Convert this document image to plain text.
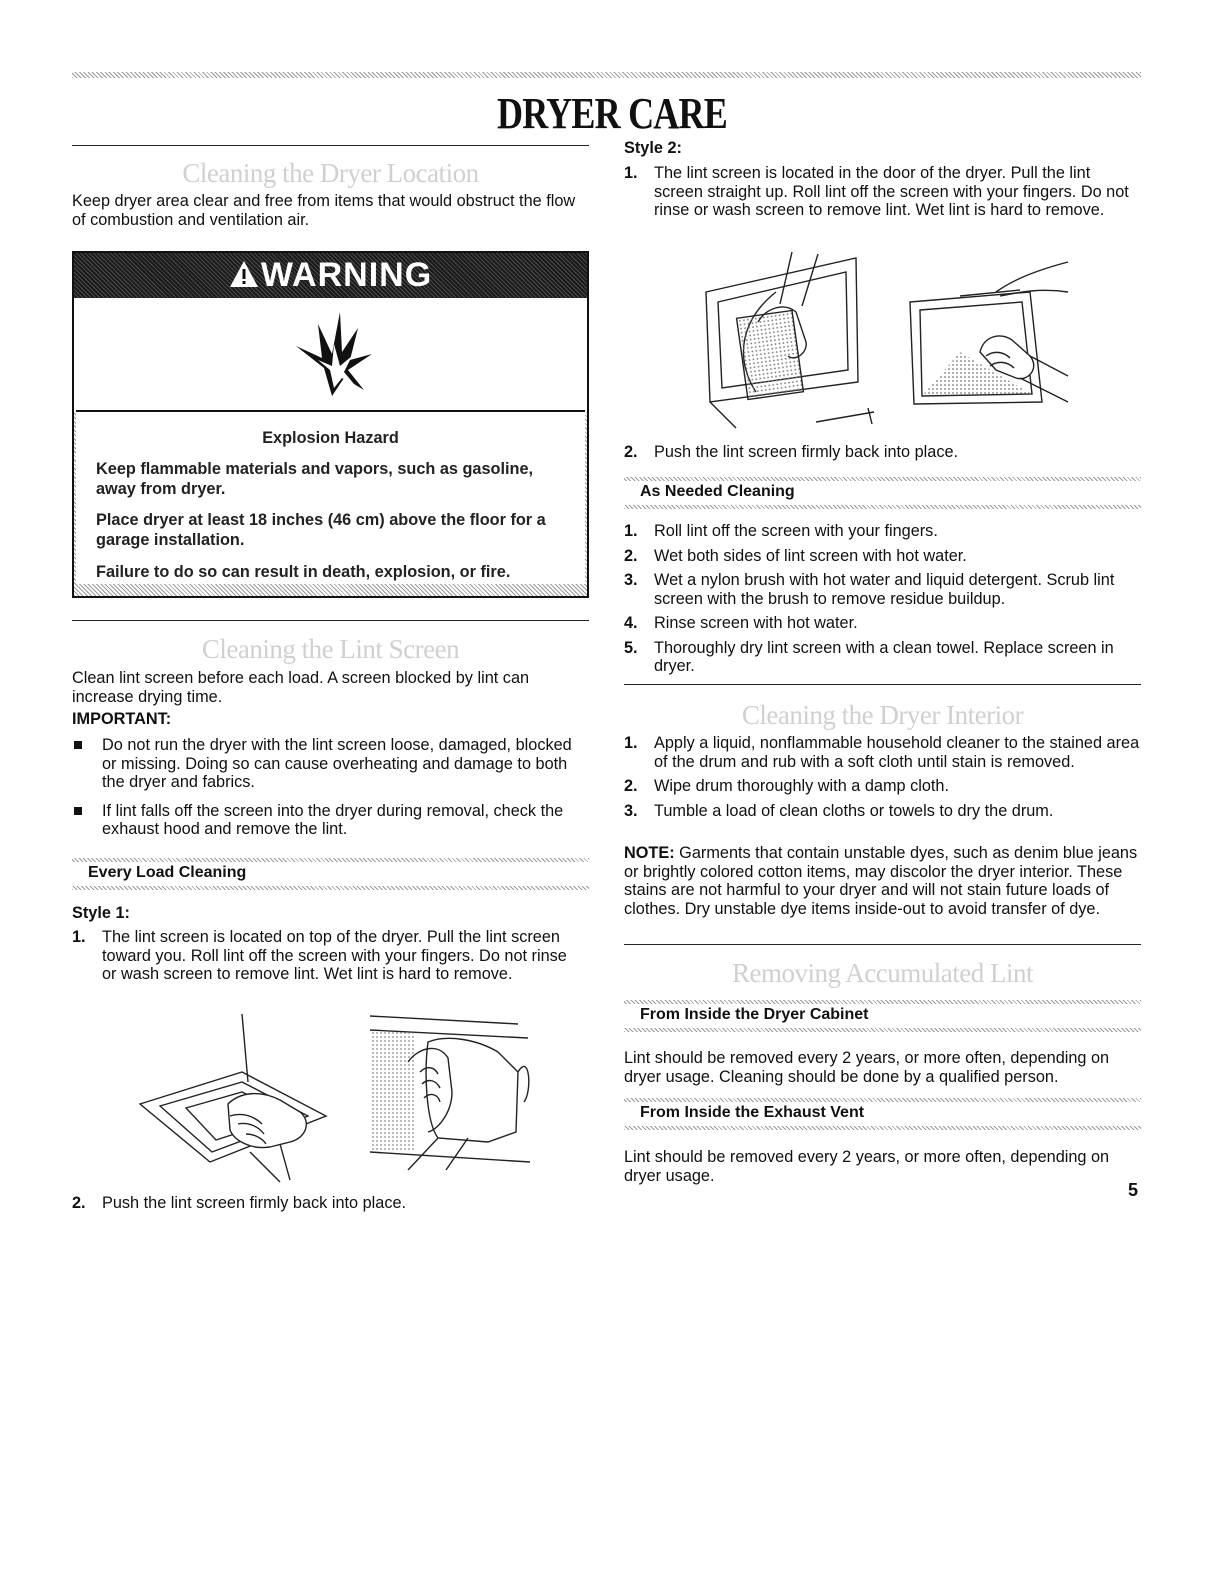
DRYER CARE
Cleaning the Dryer Location

Keep dryer area clear and free from items that would obstruct the flow of combustion and ventilation air.

WARNING
Explosion Hazard
Keep flammable materials and vapors, such as gasoline, away from dryer.
Place dryer at least 18 inches (46 cm) above the floor for a garage installation.
Failure to do so can result in death, explosion, or fire.
Cleaning the Lint Screen

Clean lint screen before each load. A screen blocked by lint can increase drying time.

IMPORTANT:
Do not run the dryer with the lint screen loose, damaged, blocked or missing. Doing so can cause overheating and damage to both the dryer and fabrics.
If lint falls off the screen into the dryer during removal, check the exhaust hood and remove the lint.
Every Load Cleaning
Style 1:
1. The lint screen is located on top of the dryer. Pull the lint screen toward you. Roll lint off the screen with your fingers. Do not rinse or wash screen to remove lint. Wet lint is hard to remove.
2. Push the lint screen firmly back into place.
Style 2:
1. The lint screen is located in the door of the dryer. Pull the lint screen straight up. Roll lint off the screen with your fingers. Do not rinse or wash screen to remove lint. Wet lint is hard to remove.
2. Push the lint screen firmly back into place.
As Needed Cleaning
1. Roll lint off the screen with your fingers.
2. Wet both sides of lint screen with hot water.
3. Wet a nylon brush with hot water and liquid detergent. Scrub lint screen with the brush to remove residue buildup.
4. Rinse screen with hot water.
5. Thoroughly dry lint screen with a clean towel. Replace screen in dryer.
Cleaning the Dryer Interior
1. Apply a liquid, nonflammable household cleaner to the stained area of the drum and rub with a soft cloth until stain is removed.
2. Wipe drum thoroughly with a damp cloth.
3. Tumble a load of clean cloths or towels to dry the drum.

NOTE: Garments that contain unstable dyes, such as denim blue jeans or brightly colored cotton items, may discolor the dryer interior. These stains are not harmful to your dryer and will not stain future loads of clothes. Dry unstable dye items inside-out to avoid transfer of dye.

Removing Accumulated Lint
From Inside the Dryer Cabinet

Lint should be removed every 2 years, or more often, depending on dryer usage. Cleaning should be done by a qualified person.

From Inside the Exhaust Vent

Lint should be removed every 2 years, or more often, depending on dryer usage.

5
